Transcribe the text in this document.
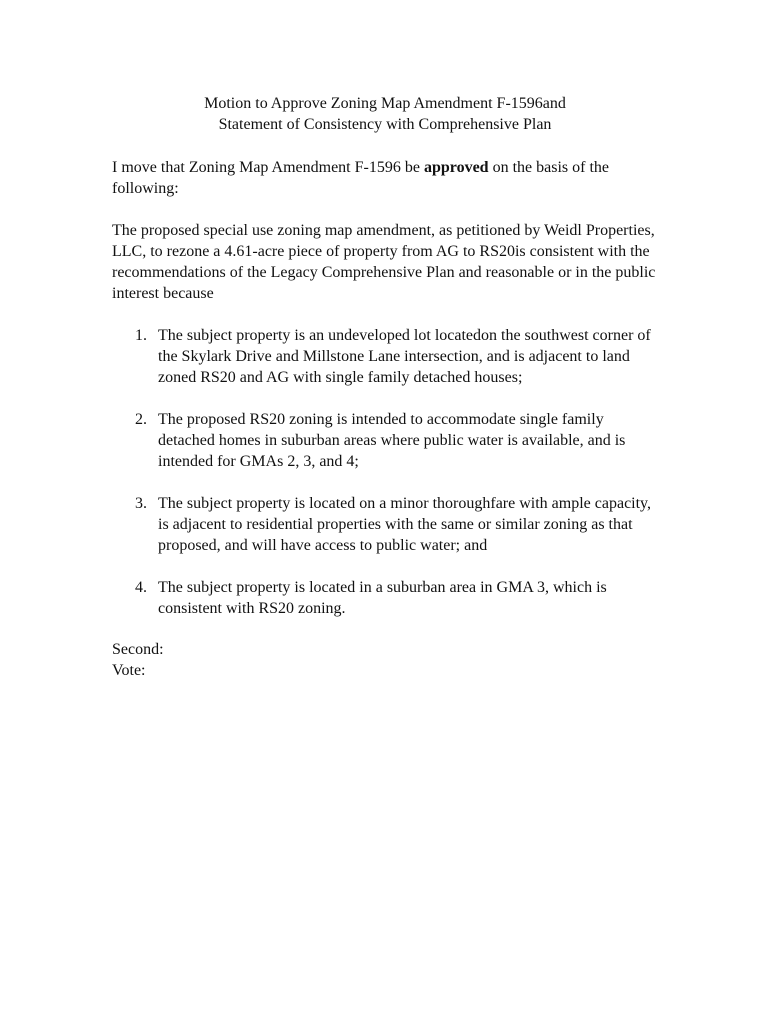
Motion to Approve Zoning Map Amendment F-1596and
Statement of Consistency with Comprehensive Plan

I move that Zoning Map Amendment F-1596 be approved on the basis of the following:

The proposed special use zoning map amendment, as petitioned by Weidl Properties, LLC, to rezone a 4.61-acre piece of property from AG to RS20is consistent with the recommendations of the Legacy Comprehensive Plan and reasonable or in the public interest because

1. The subject property is an undeveloped lot locatedon the southwest corner of the Skylark Drive and Millstone Lane intersection, and is adjacent to land zoned RS20 and AG with single family detached houses;
2. The proposed RS20 zoning is intended to accommodate single family detached homes in suburban areas where public water is available, and is intended for GMAs 2, 3, and 4;
3. The subject property is located on a minor thoroughfare with ample capacity, is adjacent to residential properties with the same or similar zoning as that proposed, and will have access to public water; and
4. The subject property is located in a suburban area in GMA 3, which is consistent with RS20 zoning.
Second:
Vote:
